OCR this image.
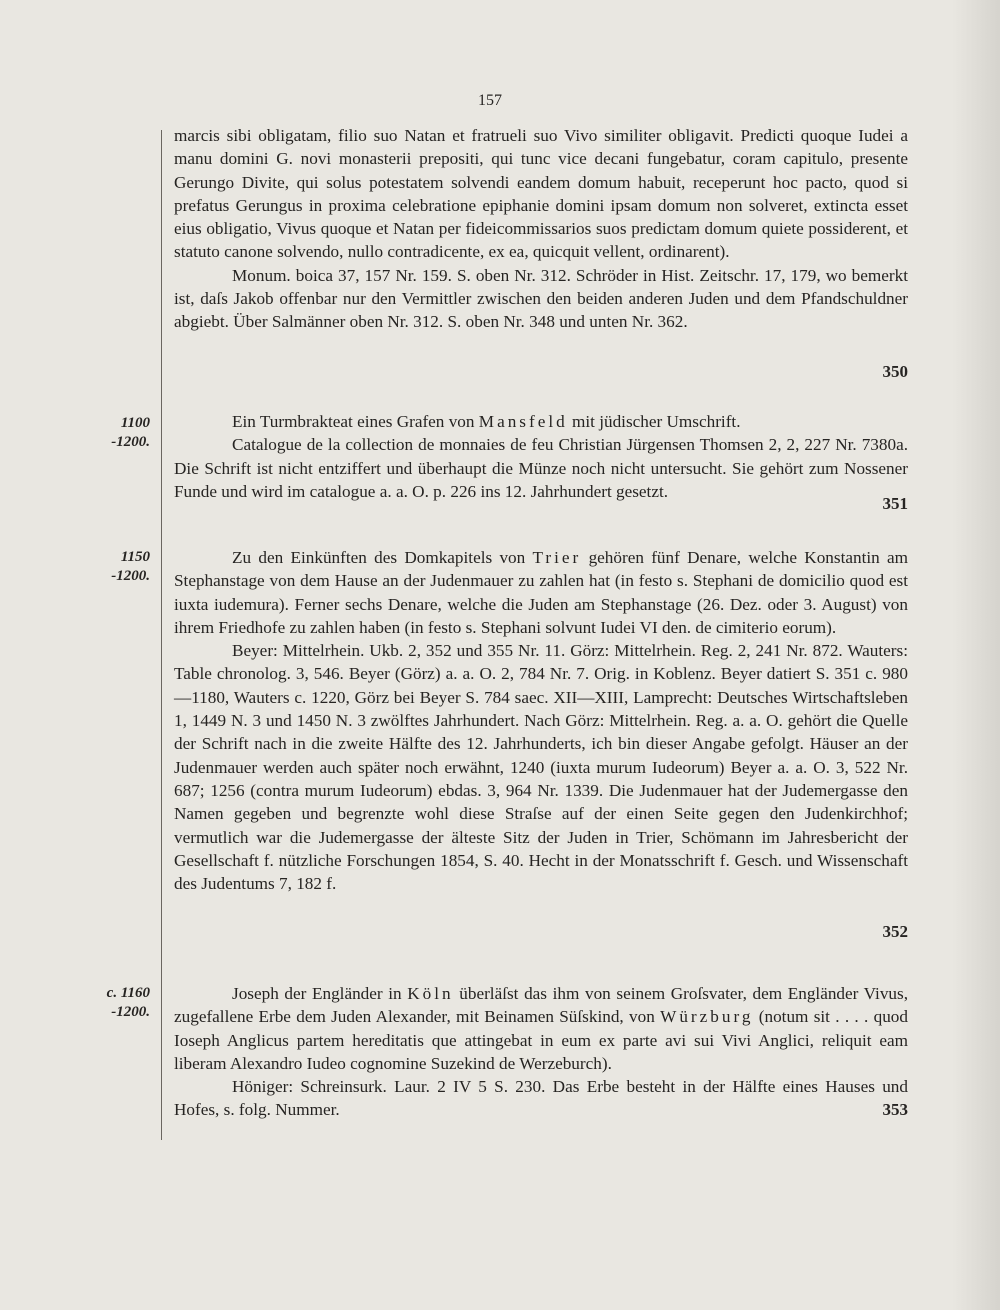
157

marcis sibi obligatam, filio suo Natan et fratrueli suo Vivo similiter obligavit. Predicti quoque Iudei a manu domini G. novi monasterii prepositi, qui tunc vice decani fungebatur, coram capitulo, presente Gerungo Divite, qui solus potestatem solvendi eandem domum habuit, receperunt hoc pacto, quod si prefatus Gerungus in proxima celebratione epiphanie domini ipsam domum non solveret, extincta esset eius obligatio, Vivus quoque et Natan per fideicommissarios suos predictam domum quiete possiderent, et statuto canone solvendo, nullo contradicente, ex ea, quicquit vellent, ordinarent).

Monum. boica 37, 157 Nr. 159. S. oben Nr. 312. Schröder in Hist. Zeitschr. 17, 179, wo bemerkt ist, daſs Jakob offenbar nur den Vermittler zwischen den beiden anderen Juden und dem Pfandschuldner abgiebt. Über Salmänner oben Nr. 312. S. oben Nr. 348 und unten Nr. 362.

350
1100
-1200.

Ein Turmbrakteat eines Grafen von Mansfeld mit jüdischer Umschrift.

Catalogue de la collection de monnaies de feu Christian Jürgensen Thomsen 2, 2, 227 Nr. 7380a. Die Schrift ist nicht entziffert und überhaupt die Münze noch nicht untersucht. Sie gehört zum Nossener Funde und wird im catalogue a. a. O. p. 226 ins 12. Jahrhundert gesetzt.

351
1150
-1200.

Zu den Einkünften des Domkapitels von Trier gehören fünf Denare, welche Konstantin am Stephanstage von dem Hause an der Judenmauer zu zahlen hat (in festo s. Stephani de domicilio quod est iuxta iudemura). Ferner sechs Denare, welche die Juden am Stephanstage (26. Dez. oder 3. August) von ihrem Friedhofe zu zahlen haben (in festo s. Stephani solvunt Iudei VI den. de cimiterio eorum).

Beyer: Mittelrhein. Ukb. 2, 352 und 355 Nr. 11. Görz: Mittelrhein. Reg. 2, 241 Nr. 872. Wauters: Table chronolog. 3, 546. Beyer (Görz) a. a. O. 2, 784 Nr. 7. Orig. in Koblenz. Beyer datiert S. 351 c. 980—1180, Wauters c. 1220, Görz bei Beyer S. 784 saec. XII—XIII, Lamprecht: Deutsches Wirtschaftsleben 1, 1449 N. 3 und 1450 N. 3 zwölftes Jahrhundert. Nach Görz: Mittelrhein. Reg. a. a. O. gehört die Quelle der Schrift nach in die zweite Hälfte des 12. Jahrhunderts, ich bin dieser Angabe gefolgt. Häuser an der Judenmauer werden auch später noch erwähnt, 1240 (iuxta murum Iudeorum) Beyer a. a. O. 3, 522 Nr. 687; 1256 (contra murum Iudeorum) ebdas. 3, 964 Nr. 1339. Die Judenmauer hat der Judemergasse den Namen gegeben und begrenzte wohl diese Straſse auf der einen Seite gegen den Judenkirchhof; vermutlich war die Judemergasse der älteste Sitz der Juden in Trier, Schömann im Jahresbericht der Gesellschaft f. nützliche Forschungen 1854, S. 40. Hecht in der Monatsschrift f. Gesch. und Wissenschaft des Judentums 7, 182 f.

352
c. 1160
-1200.

Joseph der Engländer in Köln überläſst das ihm von seinem Groſsvater, dem Engländer Vivus, zugefallene Erbe dem Juden Alexander, mit Beinamen Süſskind, von Würzburg (notum sit . . . . quod Ioseph Anglicus partem hereditatis que attingebat in eum ex parte avi sui Vivi Anglici, reliquit eam liberam Alexandro Iudeo cognomine Suzekind de Werzeburch).

Höniger: Schreinsurk. Laur. 2 IV 5 S. 230. Das Erbe besteht in der Hälfte eines Hauses und Hofes, s. folg. Nummer.	353
